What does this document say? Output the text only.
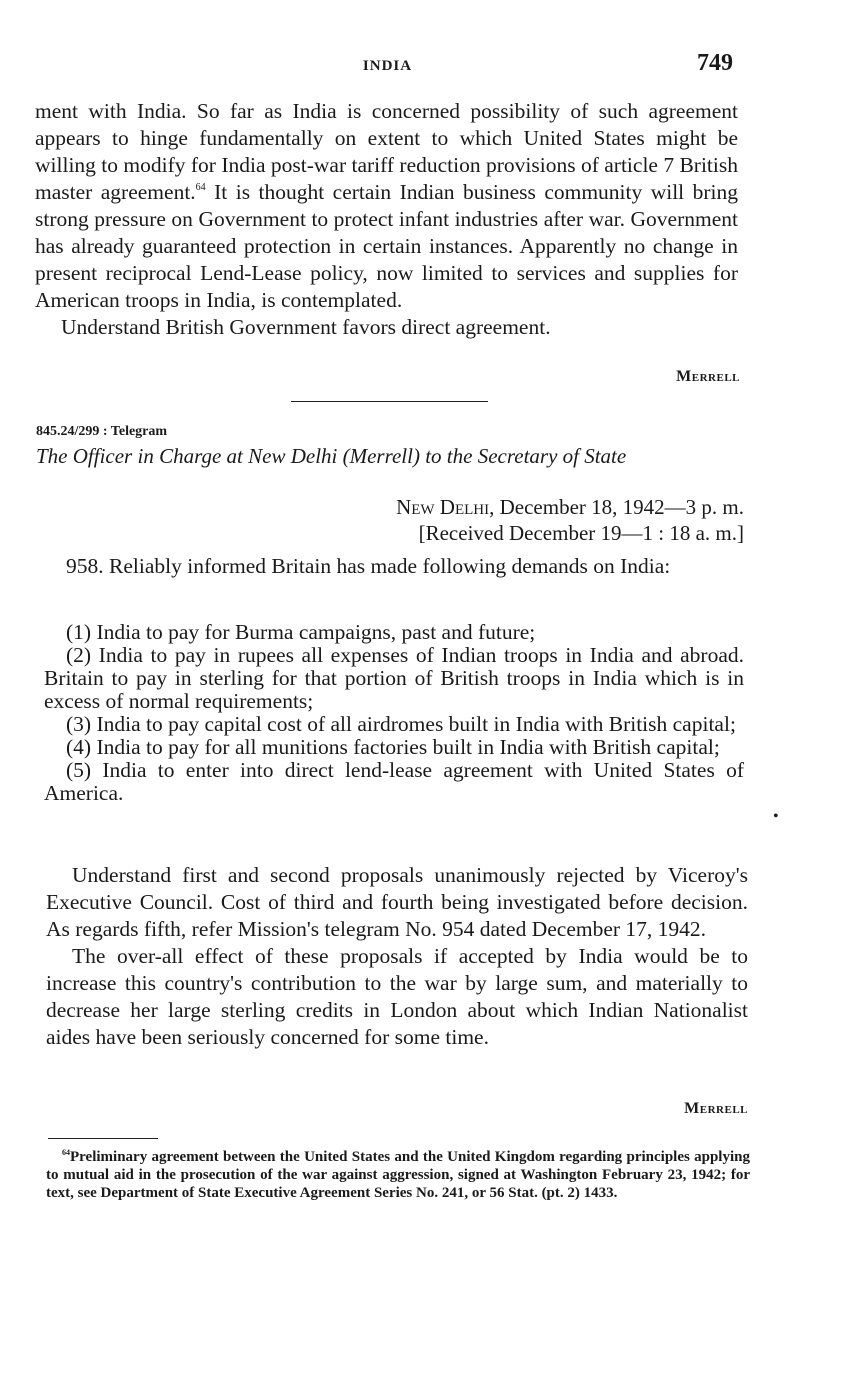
INDIA	749

ment with India. So far as India is concerned possibility of such agreement appears to hinge fundamentally on extent to which United States might be willing to modify for India post-war tariff reduction provisions of article 7 British master agreement.$^{64}$ It is thought certain Indian business community will bring strong pressure on Government to protect infant industries after war. Government has already guaranteed protection in certain instances. Apparently no change in present reciprocal Lend-Lease policy, now limited to services and supplies for American troops in India, is contemplated.

Understand British Government favors direct agreement.

Merrell
845.24/299 : Telegram
The Officer in Charge at New Delhi (Merrell) to the Secretary of State
New Delhi, December 18, 1942—3 p. m.
[Received December 19—1 : 18 a. m.]

958. Reliably informed Britain has made following demands on India:

(1) India to pay for Burma campaigns, past and future;

(2) India to pay in rupees all expenses of Indian troops in India and abroad. Britain to pay in sterling for that portion of British troops in India which is in excess of normal requirements;

(3) India to pay capital cost of all airdromes built in India with British capital;

(4) India to pay for all munitions factories built in India with British capital;

(5) India to enter into direct lend-lease agreement with United States of America.

•

Understand first and second proposals unanimously rejected by Viceroy's Executive Council. Cost of third and fourth being investigated before decision. As regards fifth, refer Mission's telegram No. 954 dated December 17, 1942.

The over-all effect of these proposals if accepted by India would be to increase this country's contribution to the war by large sum, and materially to decrease her large sterling credits in London about which Indian Nationalist aides have been seriously concerned for some time.

Merrell

$^{64}$Preliminary agreement between the United States and the United Kingdom regarding principles applying to mutual aid in the prosecution of the war against aggression, signed at Washington February 23, 1942; for text, see Department of State Executive Agreement Series No. 241, or 56 Stat. (pt. 2) 1433.
